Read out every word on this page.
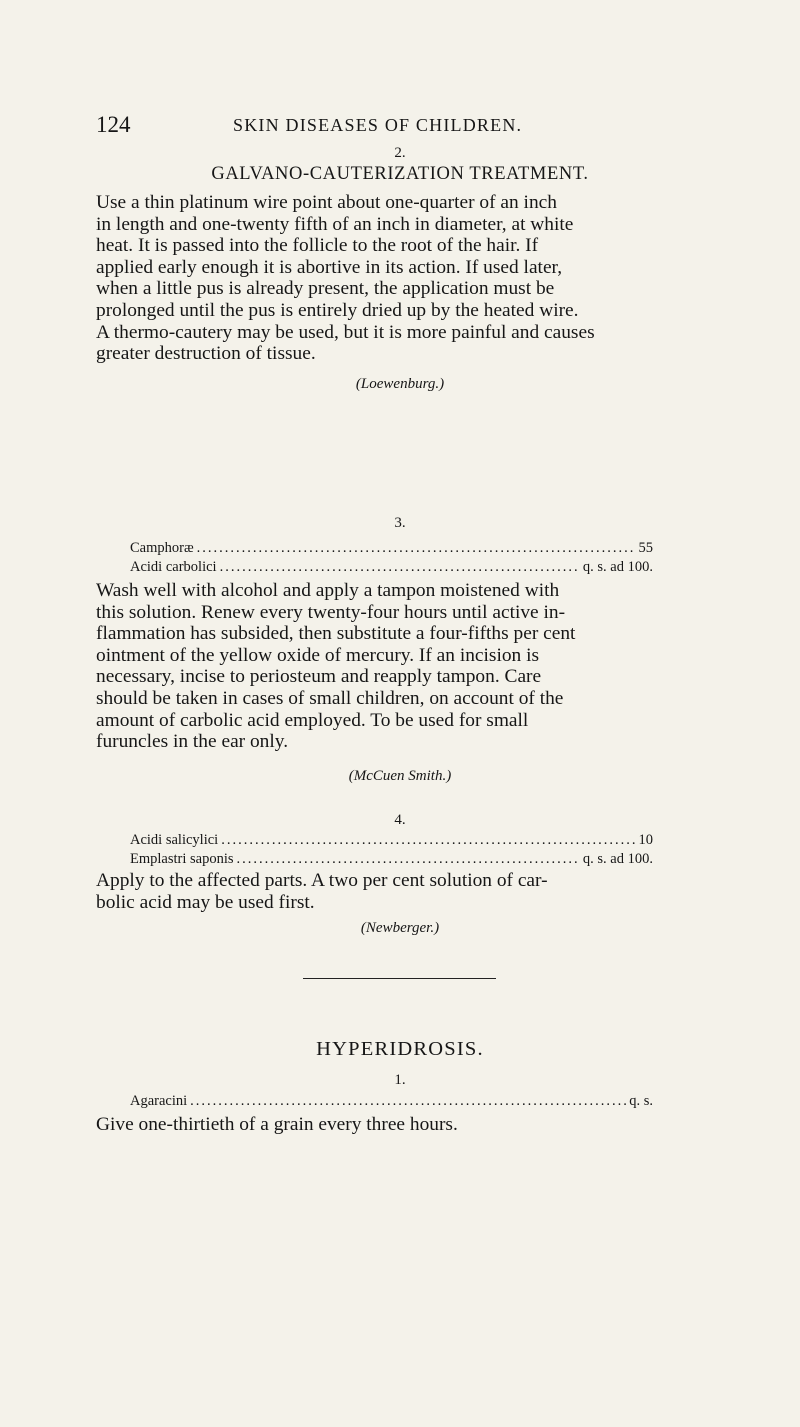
124	SKIN DISEASES OF CHILDREN.
2.
GALVANO-CAUTERIZATION TREATMENT.
Use a thin platinum wire point about one-quarter of an inch
in length and one-twenty fifth of an inch in diameter, at white
heat. It is passed into the follicle to the root of the hair. If
applied early enough it is abortive in its action. If used later,
when a little pus is already present, the application must be
prolonged until the pus is entirely dried up by the heated wire.
A thermo-cautery may be used, but it is more painful and causes
greater destruction of tissue.
(Loewenburg.)
3.
Camphoræ .....	55
Acidi carbolici .....	q. s. ad 100.
Wash well with alcohol and apply a tampon moistened with
this solution. Renew every twenty-four hours until active in-
flammation has subsided, then substitute a four-fifths per cent
ointment of the yellow oxide of mercury. If an incision is
necessary, incise to periosteum and reapply tampon. Care
should be taken in cases of small children, on account of the
amount of carbolic acid employed. To be used for small
furuncles in the ear only.
(McCuen Smith.)
4.
Acidi salicylici .....	10
Emplastri saponis .....	q. s. ad 100.
Apply to the affected parts. A two per cent solution of car-
bolic acid may be used first.
(Newberger.)
HYPERIDROSIS.
1.
Agaracini .....	q. s.
Give one-thirtieth of a grain every three hours.
